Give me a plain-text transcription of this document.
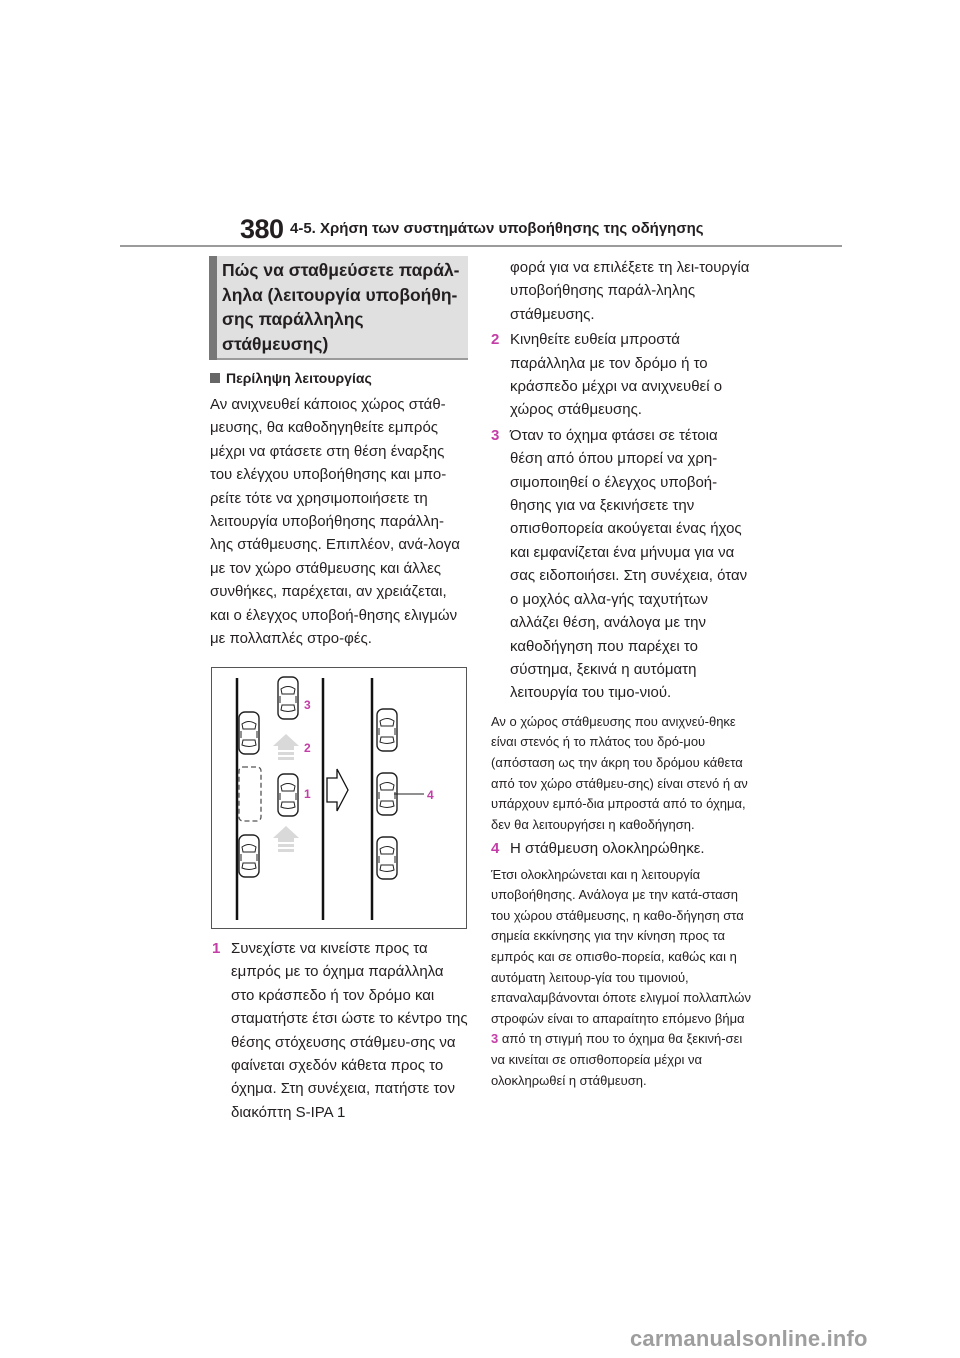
380 4-5. Χρήση των συστημάτων υποβοήθησης της οδήγησης
Πώς να σταθμεύσετε παράλ-ληλα (λειτουργία υποβοήθη-σης παράλληλης στάθμευσης)
Περίληψη λειτουργίας

Αν ανιχνευθεί κάποιος χώρος στάθ-μευσης, θα καθοδηγηθείτε εμπρός μέχρι να φτάσετε στη θέση έναρξης του ελέγχου υποβοήθησης και μπο-ρείτε τότε να χρησιμοποιήσετε τη λειτουργία υποβοήθησης παράλλη-λης στάθμευσης. Επιπλέον, ανά-λογα με τον χώρο στάθμευσης και άλλες συνθήκες, παρέχεται, αν χρειάζεται, και ο έλεγχος υποβοή-θησης ελιγμών με πολλαπλές στρο-φές.

3
2
1	4
1 Συνεχίστε να κινείστε προς τα εμπρός με το όχημα παράλληλα στο κράσπεδο ή τον δρόμο και σταματήστε έτσι ώστε το κέντρο της θέσης στόχευσης στάθμευ-σης να φαίνεται σχεδόν κάθετα προς το όχημα. Στη συνέχεια, πατήστε τον διακόπτη S-IPA 1

φορά για να επιλέξετε τη λει-τουργία υποβοήθησης παράλ-ληλης στάθμευσης.

2 Κινηθείτε ευθεία μπροστά παράλληλα με τον δρόμο ή το κράσπεδο μέχρι να ανιχνευθεί ο χώρος στάθμευσης.

3 Όταν το όχημα φτάσει σε τέτοια θέση από όπου μπορεί να χρη-σιμοποιηθεί ο έλεγχος υποβοή-θησης για να ξεκινήσετε την οπισθοπορεία ακούγεται ένας ήχος και εμφανίζεται ένα μήνυμα για να σας ειδοποιήσει. Στη συνέχεια, όταν ο μοχλός αλλα-γής ταχυτήτων αλλάζει θέση, ανάλογα με την καθοδήγηση που παρέχει το σύστημα, ξεκινά η αυτόματη λειτουργία του τιμο-νιού.

Αν ο χώρος στάθμευσης που ανιχνεύ-θηκε είναι στενός ή το πλάτος του δρό-μου (απόσταση ως την άκρη του δρόμου κάθετα από τον χώρο στάθμευ-σης) είναι στενό ή αν υπάρχουν εμπό-δια μπροστά από το όχημα, δεν θα λειτουργήσει η καθοδήγηση.

4 Η στάθμευση ολοκληρώθηκε.

Έτσι ολοκληρώνεται και η λειτουργία υποβοήθησης. Ανάλογα με την κατά-σταση του χώρου στάθμευσης, η καθο-δήγηση στα σημεία εκκίνησης για την κίνηση προς τα εμπρός και σε οπισθο-πορεία, καθώς και η αυτόματη λειτουρ-γία του τιμονιού, επαναλαμβάνονται όποτε ελιγμοί πολλαπλών στροφών είναι το απαραίτητο επόμενο βήμα 3 από τη στιγμή που το όχημα θα ξεκινή-σει να κινείται σε οπισθοπορεία μέχρι να ολοκληρωθεί η στάθμευση.

carmanualsonline.info
